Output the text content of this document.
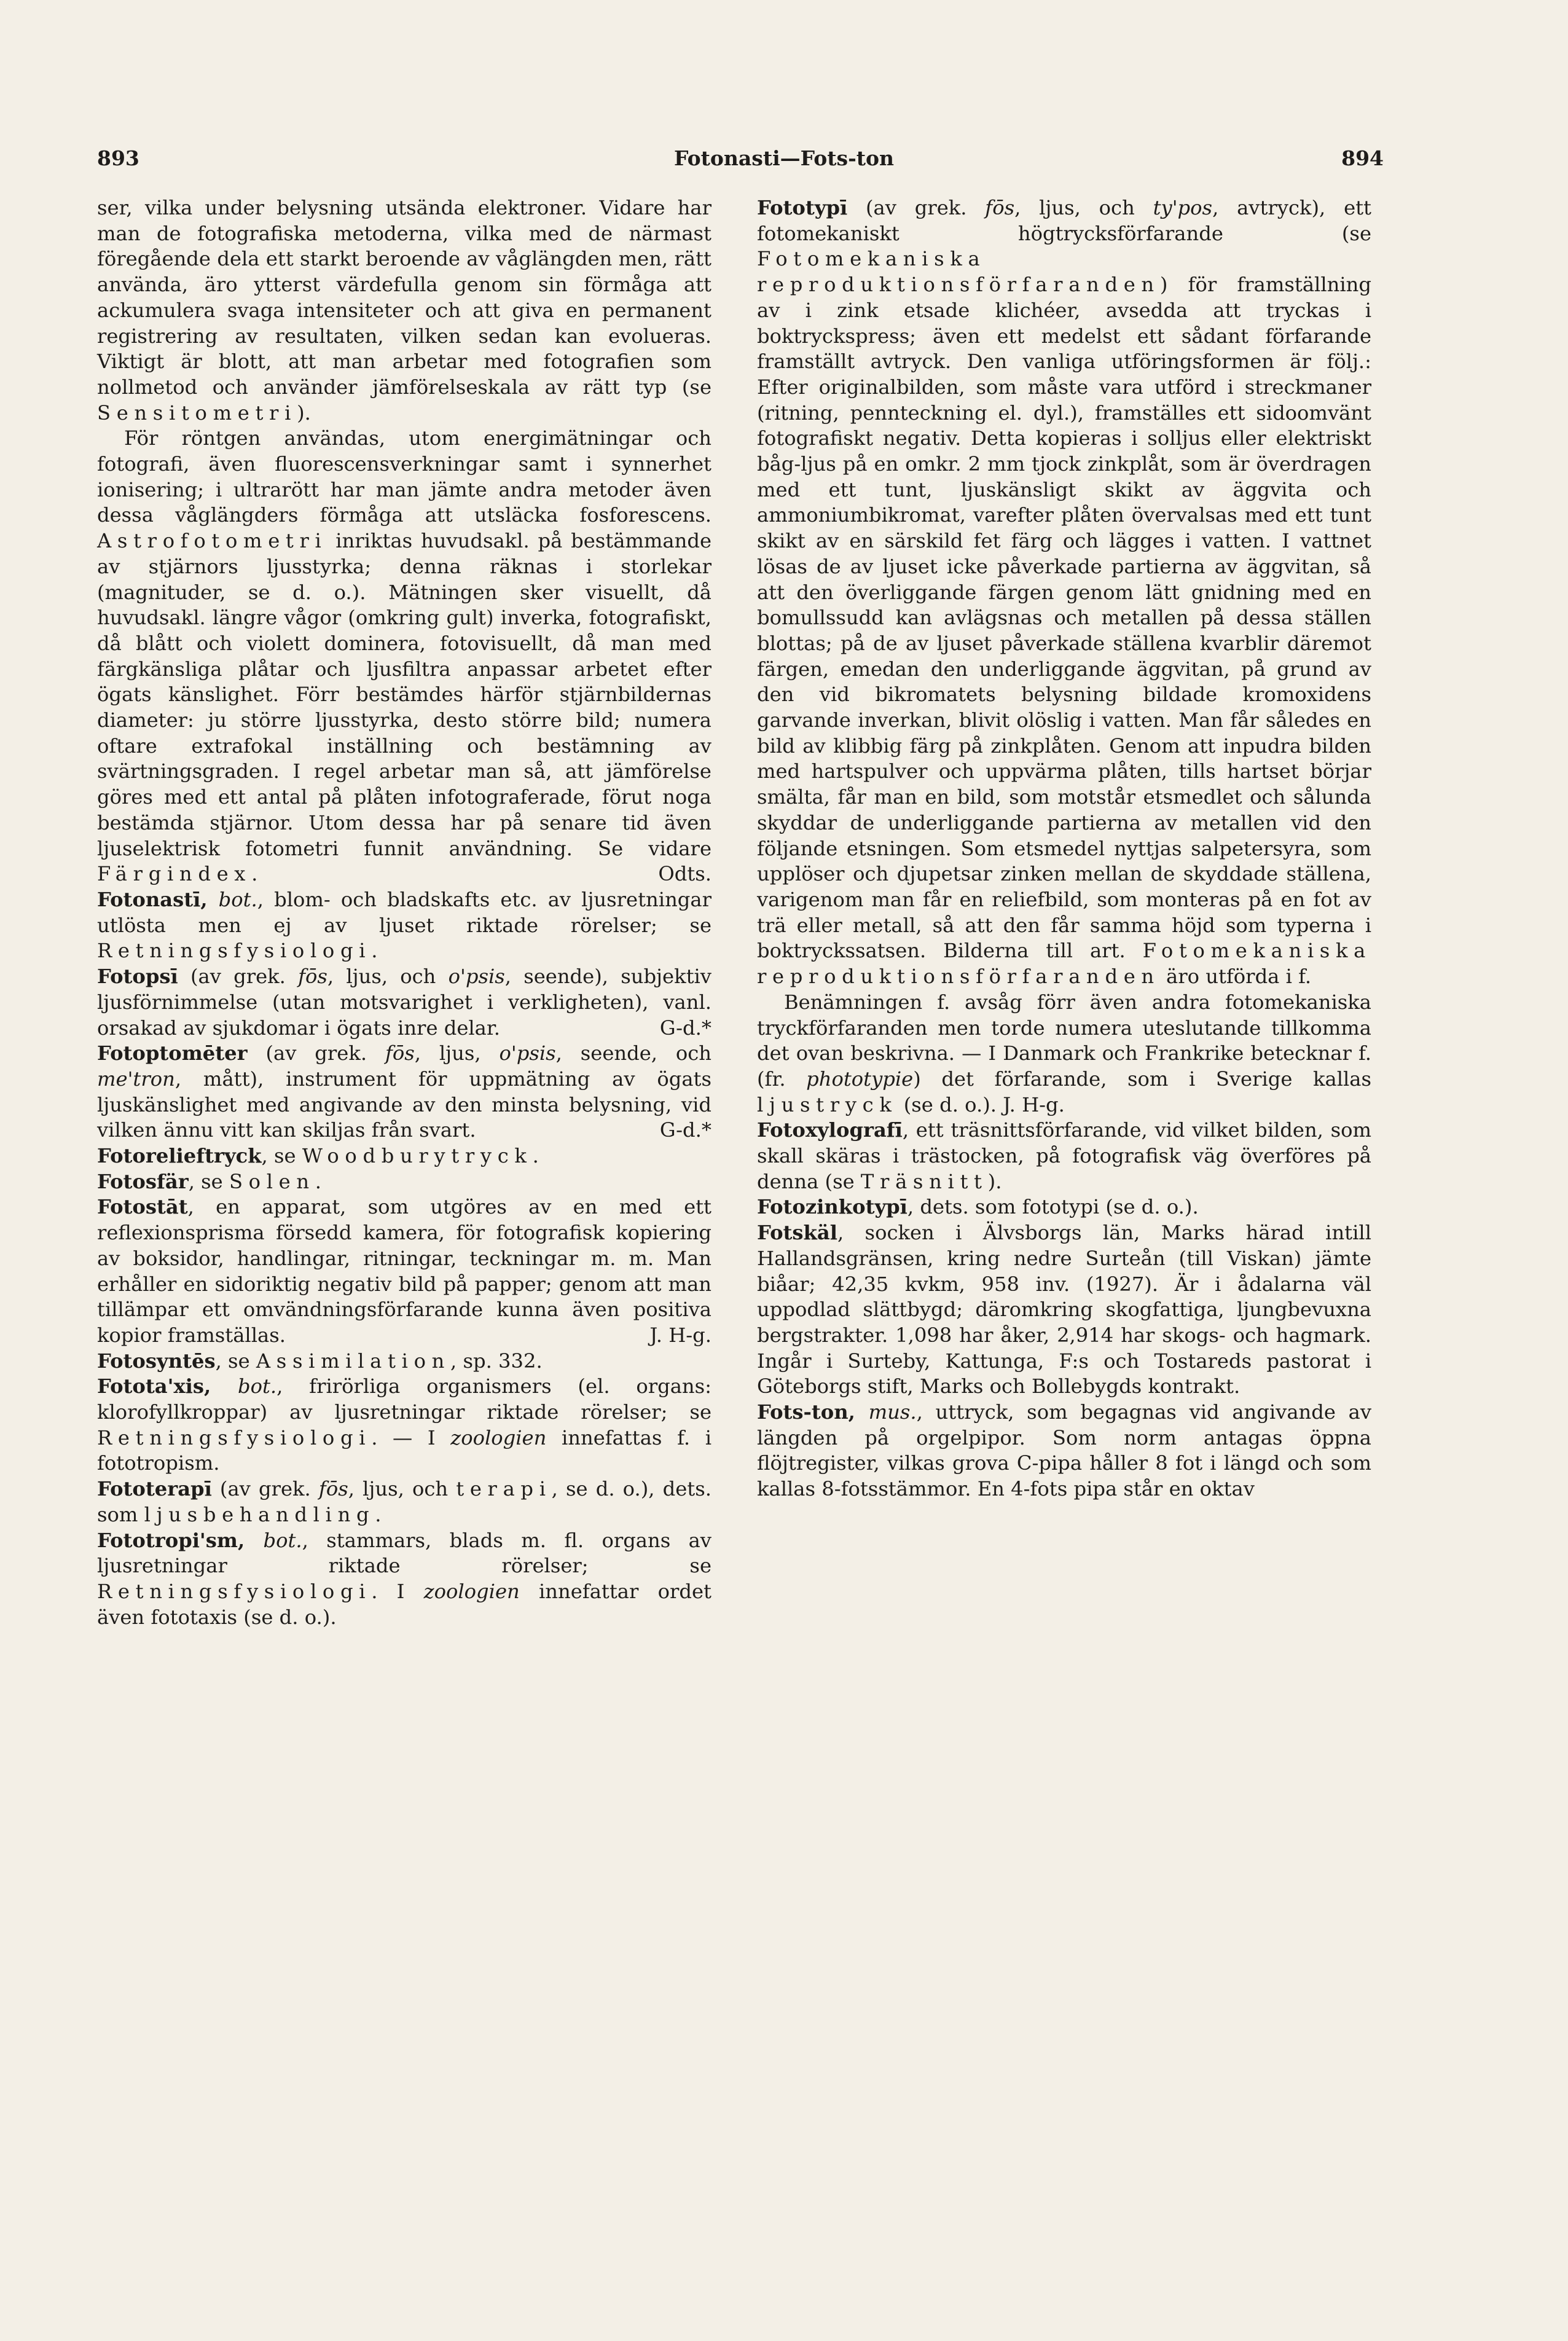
893	Fotonasti—Fots-ton	894

ser, vilka under belysning utsända elektroner. Vidare har man de fotografiska metoderna, vilka med de närmast föregående dela ett starkt beroende av våglängden men, rätt använda, äro ytterst värdefulla genom sin förmåga att ackumulera svaga intensiteter och att giva en permanent registrering av resultaten, vilken sedan kan evolueras. Viktigt är blott, att man arbetar med fotografien som nollmetod och använder jämförelseskala av rätt typ (se Sensitometri).

För röntgen användas, utom energimätningar och fotografi, även fluorescensverkningar samt i synnerhet ionisering; i ultrarött har man jämte andra metoder även dessa våglängders förmåga att utsläcka fosforescens. Astrofotometri inriktas huvudsakl. på bestämmande av stjärnors ljusstyrka; denna räknas i storlekar (magnituder, se d. o.). Mätningen sker visuellt, då huvudsakl. längre vågor (omkring gult) inverka, fotografiskt, då blått och violett dominera, fotovisuellt, då man med färgkänsliga plåtar och ljusfiltra anpassar arbetet efter ögats känslighet. Förr bestämdes härför stjärnbildernas diameter: ju större ljusstyrka, desto större bild; numera oftare extrafokal inställning och bestämning av svärtningsgraden. I regel arbetar man så, att jämförelse göres med ett antal på plåten infotograferade, förut noga bestämda stjärnor. Utom dessa har på senare tid även ljuselektrisk fotometri funnit användning. Se vidare Färgindex.	Odts.

Fotonastī, bot., blom- och bladskafts etc. av ljusretningar utlösta men ej av ljuset riktade rörelser; se Retningsfysiologi.

Fotopsī (av grek. fōs, ljus, och o'psis, seende), subjektiv ljusförnimmelse (utan motsvarighet i verkligheten), vanl. orsakad av sjukdomar i ögats inre delar.	G-d.*

Fotoptomēter (av grek. fōs, ljus, o'psis, seende, och me'tron, mått), instrument för uppmätning av ögats ljuskänslighet med angivande av den minsta belysning, vid vilken ännu vitt kan skiljas från svart.	G-d.*

Fotorelieftryck, se Woodburytryck.

Fotosfär, se Solen.

Fotostāt, en apparat, som utgöres av en med ett reflexionsprisma försedd kamera, för fotografisk kopiering av boksidor, handlingar, ritningar, teckningar m. m. Man erhåller en sidoriktig negativ bild på papper; genom att man tillämpar ett omvändningsförfarande kunna även positiva kopior framställas.	J. H-g.

Fotosyntēs, se Assimilation, sp. 332.

Fotota'xis, bot., frirörliga organismers (el. organs: klorofyllkroppar) av ljusretningar riktade rörelser; se Retningsfysiologi. — I zoologien innefattas f. i fototropism.

Fototerapī (av grek. fōs, ljus, och terapi, se d. o.), dets. som ljusbehandling.

Fototropi'sm, bot., stammars, blads m. fl. organs av ljusretningar riktade rörelser; se Retningsfysiologi. I zoologien innefattar ordet även fototaxis (se d. o.).

Fototypī (av grek. fōs, ljus, och ty'pos, avtryck), ett fotomekaniskt högtrycksförfarande (se Fotomekaniska reproduktionsförfaranden) för framställning av i zink etsade klichéer, avsedda att tryckas i boktryckspress; även ett medelst ett sådant förfarande framställt avtryck. Den vanliga utföringsformen är följ.: Efter originalbilden, som måste vara utförd i streckmaner (ritning, pennteckning el. dyl.), framställes ett sidoomvänt fotografiskt negativ. Detta kopieras i solljus eller elektriskt båg-ljus på en omkr. 2 mm tjock zinkplåt, som är överdragen med ett tunt, ljuskänsligt skikt av äggvita och ammoniumbikromat, varefter plåten övervalsas med ett tunt skikt av en särskild fet färg och lägges i vatten. I vattnet lösas de av ljuset icke påverkade partierna av äggvitan, så att den överliggande färgen genom lätt gnidning med en bomullssudd kan avlägsnas och metallen på dessa ställen blottas; på de av ljuset påverkade ställena kvarblir däremot färgen, emedan den underliggande äggvitan, på grund av den vid bikromatets belysning bildade kromoxidens garvande inverkan, blivit olöslig i vatten. Man får således en bild av klibbig färg på zinkplåten. Genom att inpudra bilden med hartspulver och uppvärma plåten, tills hartset börjar smälta, får man en bild, som motstår etsmedlet och sålunda skyddar de underliggande partierna av metallen vid den följande etsningen. Som etsmedel nyttjas salpetersyra, som upplöser och djupetsar zinken mellan de skyddade ställena, varigenom man får en reliefbild, som monteras på en fot av trä eller metall, så att den får samma höjd som typerna i boktryckssatsen. Bilderna till art. Fotomekaniska reproduktionsförfaranden äro utförda i f.

Benämningen f. avsåg förr även andra fotomekaniska tryckförfaranden men torde numera uteslutande tillkomma det ovan beskrivna. — I Danmark och Frankrike betecknar f. (fr. phototypie) det förfarande, som i Sverige kallas ljustryck (se d. o.). J. H-g.

Fotoxylografī, ett träsnittsförfarande, vid vilket bilden, som skall skäras i trästocken, på fotografisk väg överföres på denna (se Träsnitt).

Fotozinkotypī, dets. som fototypi (se d. o.).

Fotskäl, socken i Älvsborgs län, Marks härad intill Hallandsgränsen, kring nedre Surteån (till Viskan) jämte biåar; 42,35 kvkm, 958 inv. (1927). Är i ådalarna väl uppodlad slättbygd; däromkring skogfattiga, ljungbevuxna bergstrakter. 1,098 har åker, 2,914 har skogs- och hagmark. Ingår i Surteby, Kattunga, F:s och Tostareds pastorat i Göteborgs stift, Marks och Bollebygds kontrakt.

Fots-ton, mus., uttryck, som begagnas vid angivande av längden på orgelpipor. Som norm antagas öppna flöjtregister, vilkas grova C-pipa håller 8 fot i längd och som kallas 8-fotsstämmor. En 4-fots pipa står en oktav
